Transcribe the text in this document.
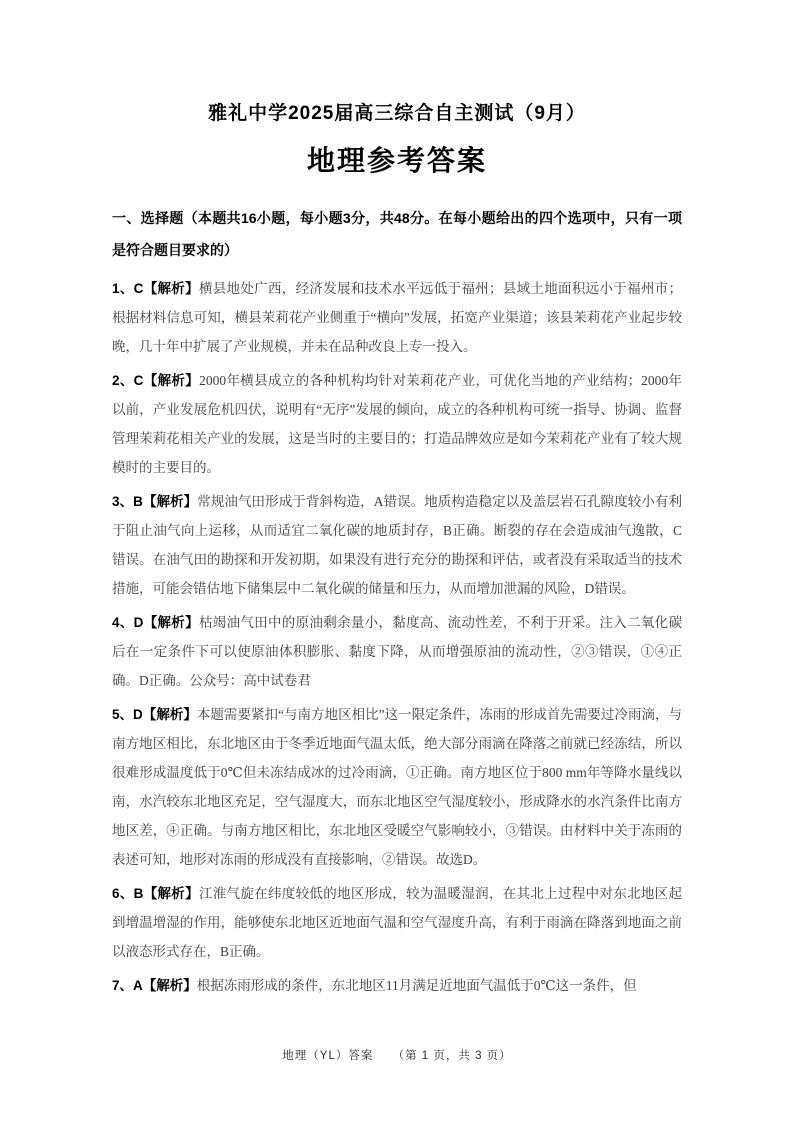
雅礼中学2025届高三综合自主测试（9月）
地理参考答案

一、选择题（本题共16小题，每小题3分，共48分。在每小题给出的四个选项中，只有一项是符合题目要求的）

1、C【解析】横县地处广西，经济发展和技术水平远低于福州；县域土地面积远小于福州市；根据材料信息可知，横县茉莉花产业侧重于“横向”发展，拓宽产业渠道；该县茉莉花产业起步较晚，几十年中扩展了产业规模，并未在品种改良上专一投入。

2、C【解析】2000年横县成立的各种机构均针对茉莉花产业，可优化当地的产业结构；2000年以前，产业发展危机四伏，说明有“无序”发展的倾向，成立的各种机构可统一指导、协调、监督管理茉莉花相关产业的发展，这是当时的主要目的；打造品牌效应是如今茉莉花产业有了较大规模时的主要目的。

3、B【解析】常规油气田形成于背斜构造，A错误。地质构造稳定以及盖层岩石孔隙度较小有利于阻止油气向上运移，从而适宜二氧化碳的地质封存，B正确。断裂的存在会造成油气逸散，C错误。在油气田的勘探和开发初期，如果没有进行充分的勘探和评估，或者没有采取适当的技术措施，可能会错估地下储集层中二氧化碳的储量和压力，从而增加泄漏的风险，D错误。

4、D【解析】枯竭油气田中的原油剩余量小，黏度高、流动性差，不利于开采。注入二氧化碳后在一定条件下可以使原油体积膨胀、黏度下降，从而增强原油的流动性，②③错误，①④正确。D正确。公众号：高中试卷君

5、D【解析】本题需要紧扣“与南方地区相比”这一限定条件，冻雨的形成首先需要过冷雨滴，与南方地区相比，东北地区由于冬季近地面气温太低，绝大部分雨滴在降落之前就已经冻结，所以很难形成温度低于0℃但未冻结成冰的过冷雨滴，①正确。南方地区位于800 mm年等降水量线以南，水汽较东北地区充足，空气湿度大，而东北地区空气湿度较小，形成降水的水汽条件比南方地区差，④正确。与南方地区相比，东北地区受暖空气影响较小，③错误。由材料中关于冻雨的表述可知，地形对冻雨的形成没有直接影响，②错误。故选D。

6、B【解析】江淮气旋在纬度较低的地区形成，较为温暖湿润，在其北上过程中对东北地区起到增温增湿的作用，能够使东北地区近地面气温和空气湿度升高，有利于雨滴在降落到地面之前以液态形式存在，B正确。

7、A【解析】根据冻雨形成的条件，东北地区11月满足近地面气温低于0℃这一条件，但

地理（YL）答案　　（第 1 页，共 3 页）
